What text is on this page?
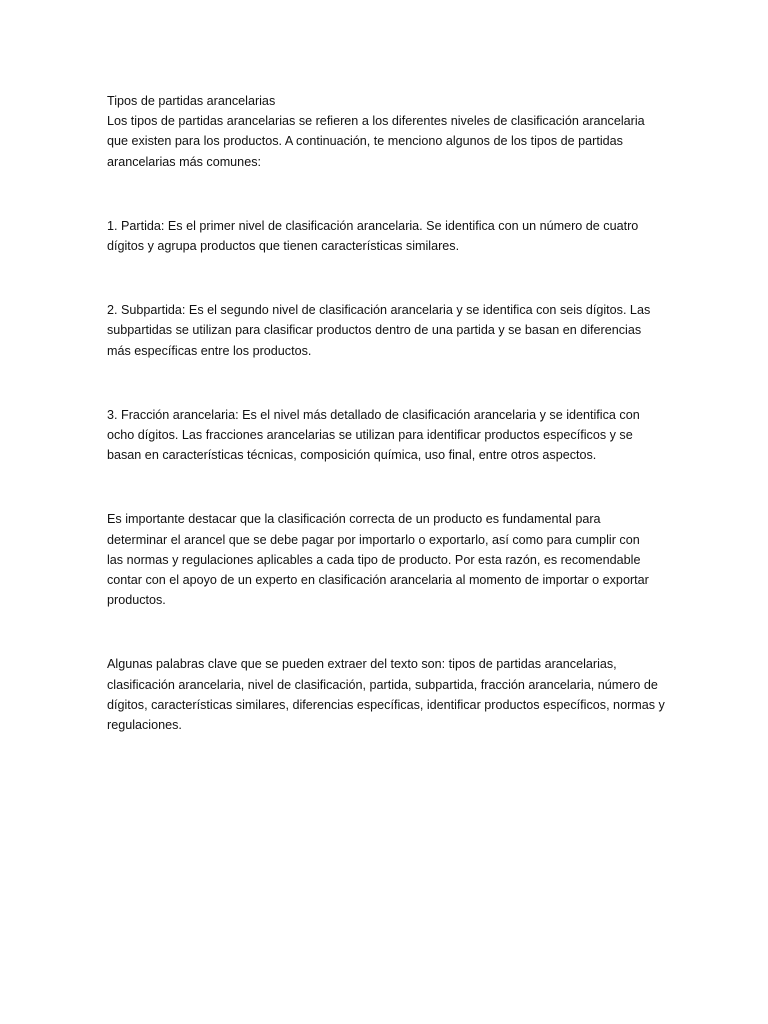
Tipos de partidas arancelarias

Los tipos de partidas arancelarias se refieren a los diferentes niveles de clasificación arancelaria

que existen para los productos. A continuación, te menciono algunos de los tipos de partidas

arancelarias más comunes:

1. Partida: Es el primer nivel de clasificación arancelaria. Se identifica con un número de cuatro

dígitos y agrupa productos que tienen características similares.

2. Subpartida: Es el segundo nivel de clasificación arancelaria y se identifica con seis dígitos. Las

subpartidas se utilizan para clasificar productos dentro de una partida y se basan en diferencias

más específicas entre los productos.

3. Fracción arancelaria: Es el nivel más detallado de clasificación arancelaria y se identifica con

ocho dígitos. Las fracciones arancelarias se utilizan para identificar productos específicos y se

basan en características técnicas, composición química, uso final, entre otros aspectos.

Es importante destacar que la clasificación correcta de un producto es fundamental para

determinar el arancel que se debe pagar por importarlo o exportarlo, así como para cumplir con

las normas y regulaciones aplicables a cada tipo de producto. Por esta razón, es recomendable

contar con el apoyo de un experto en clasificación arancelaria al momento de importar o exportar

productos.

Algunas palabras clave que se pueden extraer del texto son: tipos de partidas arancelarias,

clasificación arancelaria, nivel de clasificación, partida, subpartida, fracción arancelaria, número de

dígitos, características similares, diferencias específicas, identificar productos específicos, normas y

regulaciones.
